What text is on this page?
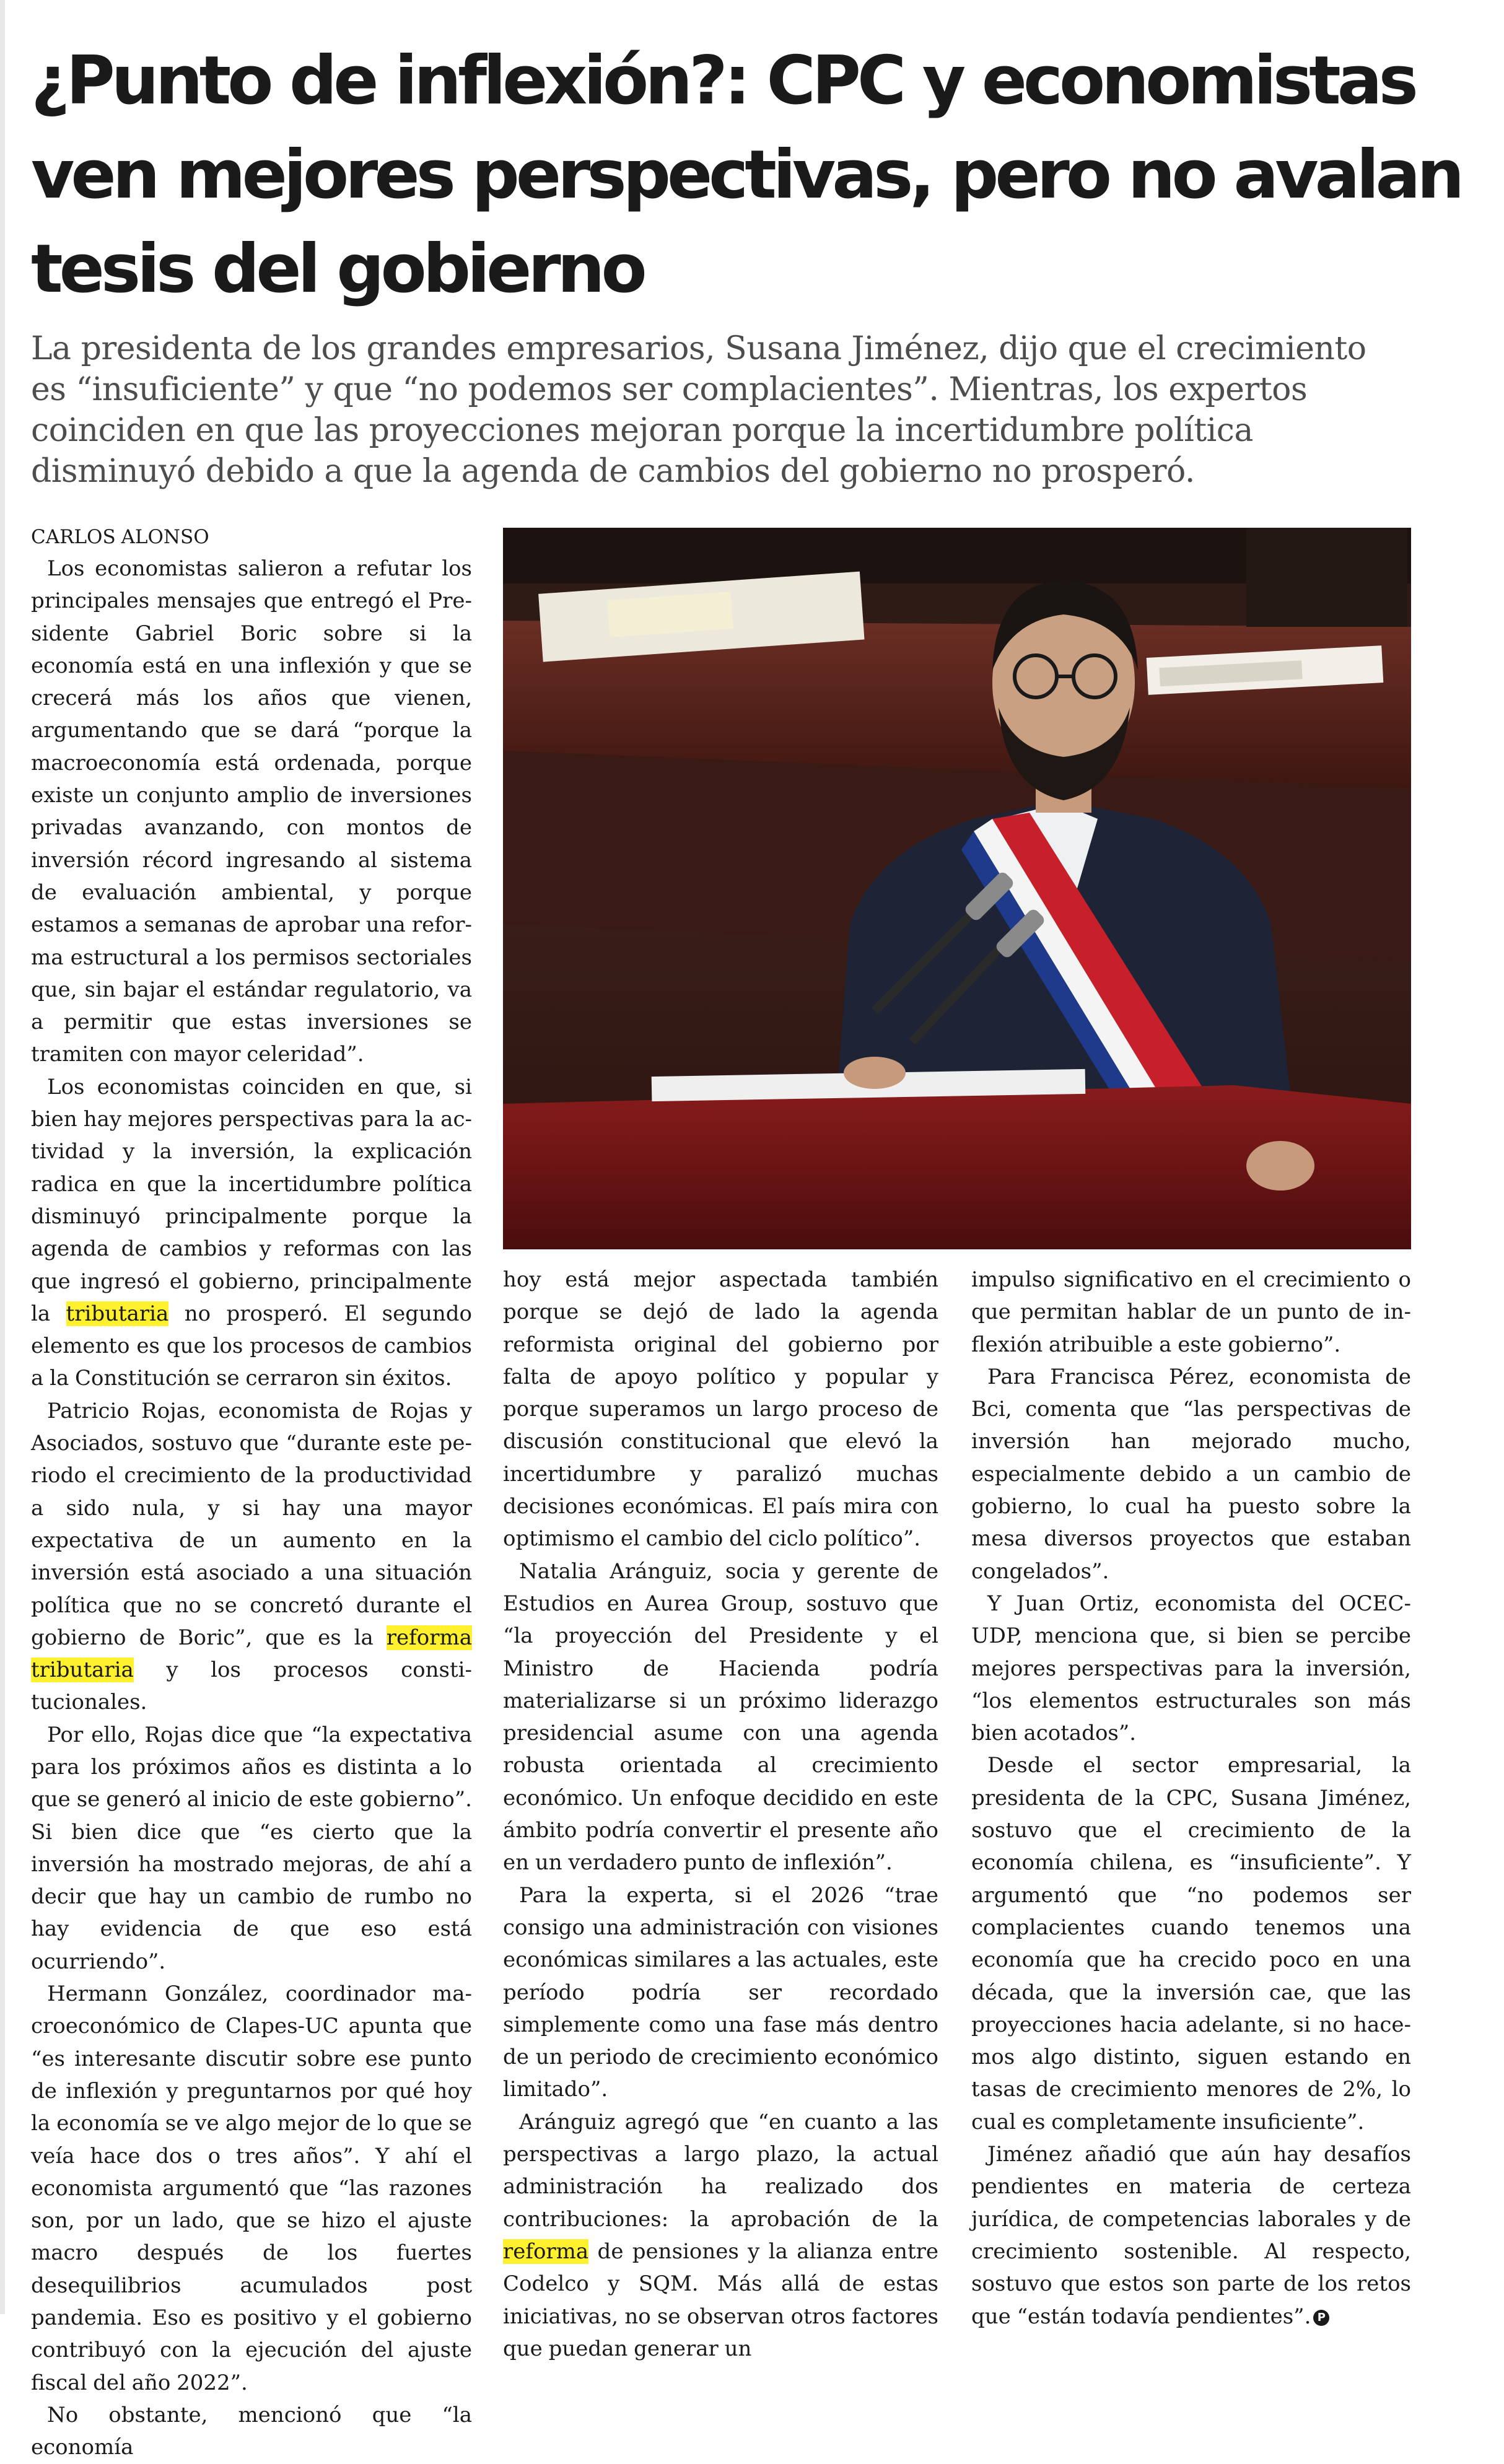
¿Punto de inflexión?: CPC y economistas ven mejores perspectivas, pero no avalan tesis del gobierno

La presidenta de los grandes empresarios, Susana Jiménez, dijo que el crecimiento es “insuficiente” y que “no podemos ser complacientes”. Mientras, los expertos coinciden en que las proyecciones mejoran porque la incertidumbre política disminuyó debido a que la agenda de cambios del gobierno no prosperó.

CARLOS ALONSO

Los economistas salieron a refutar los principales mensajes que entregó el Presidente Gabriel Boric sobre si la economía está en una inflexión y que se crecerá más los años que vienen, argumentando que se dará “porque la macroeconomía está ordenada, porque existe un conjunto amplio de inversiones privadas avanzando, con montos de inversión récord ingresando al sistema de evaluación ambiental, y porque estamos a semanas de aprobar una reforma estructural a los permisos sectoriales que, sin bajar el estándar regulatorio, va a permitir que estas inversiones se tramiten con mayor celeridad”.

Los economistas coinciden en que, si bien hay mejores perspectivas para la actividad y la inversión, la explicación radica en que la incertidumbre política disminuyó principalmente porque la agenda de cambios y reformas con las que ingresó el gobierno, principalmente la tributaria no prosperó. El segundo elemento es que los procesos de cambios a la Constitución se cerraron sin éxitos.

Patricio Rojas, economista de Rojas y Asociados, sostuvo que “durante este periodo el crecimiento de la productividad a sido nula, y si hay una mayor expectativa de un aumento en la inversión está asociado a una situación política que no se concretó durante el gobierno de Boric”, que es la reforma tributaria y los procesos constitucionales.

Por ello, Rojas dice que “la expectativa para los próximos años es distinta a lo que se generó al inicio de este gobierno”. Si bien dice que “es cierto que la inversión ha mostrado mejoras, de ahí a decir que hay un cambio de rumbo no hay evidencia de que eso está ocurriendo”.

Hermann González, coordinador macroeconómico de Clapes-UC apunta que “es interesante discutir sobre ese punto de inflexión y preguntarnos por qué hoy la economía se ve algo mejor de lo que se veía hace dos o tres años”. Y ahí el economista argumentó que “las razones son, por un lado, que se hizo el ajuste macro después de los fuertes desequilibrios acumulados post pandemia. Eso es positivo y el gobierno contribuyó con la ejecución del ajuste fiscal del año 2022”.

No obstante, mencionó que “la economía

hoy está mejor aspectada también porque se dejó de lado la agenda reformista original del gobierno por falta de apoyo político y popular y porque superamos un largo proceso de discusión constitucional que elevó la incertidumbre y paralizó muchas decisiones económicas. El país mira con optimismo el cambio del ciclo político”.

Natalia Aránguiz, socia y gerente de Estudios en Aurea Group, sostuvo que “la proyección del Presidente y el Ministro de Hacienda podría materializarse si un próximo liderazgo presidencial asume con una agenda robusta orientada al crecimiento económico. Un enfoque decidido en este ámbito podría convertir el presente año en un verdadero punto de inflexión”.

Para la experta, si el 2026 “trae consigo una administración con visiones económicas similares a las actuales, este período podría ser recordado simplemente como una fase más dentro de un periodo de crecimiento económico limitado”.

Aránguiz agregó que “en cuanto a las perspectivas a largo plazo, la actual administración ha realizado dos contribuciones: la aprobación de la reforma de pensiones y la alianza entre Codelco y SQM. Más allá de estas iniciativas, no se observan otros factores que puedan generar un

impulso significativo en el crecimiento o que permitan hablar de un punto de inflexión atribuible a este gobierno”.

Para Francisca Pérez, economista de Bci, comenta que “las perspectivas de inversión han mejorado mucho, especialmente debido a un cambio de gobierno, lo cual ha puesto sobre la mesa diversos proyectos que estaban congelados”.

Y Juan Ortiz, economista del OCEC-UDP, menciona que, si bien se percibe mejores perspectivas para la inversión, “los elementos estructurales son más bien acotados”.

Desde el sector empresarial, la presidenta de la CPC, Susana Jiménez, sostuvo que el crecimiento de la economía chilena, es “insuficiente”. Y argumentó que “no podemos ser complacientes cuando tenemos una economía que ha crecido poco en una década, que la inversión cae, que las proyecciones hacia adelante, si no hacemos algo distinto, siguen estando en tasas de crecimiento menores de 2%, lo cual es completamente insuficiente”.

Jiménez añadió que aún hay desafíos pendientes en materia de certeza jurídica, de competencias laborales y de crecimiento sostenible. Al respecto, sostuvo que estos son parte de los retos que “están todavía pendientes”. P
